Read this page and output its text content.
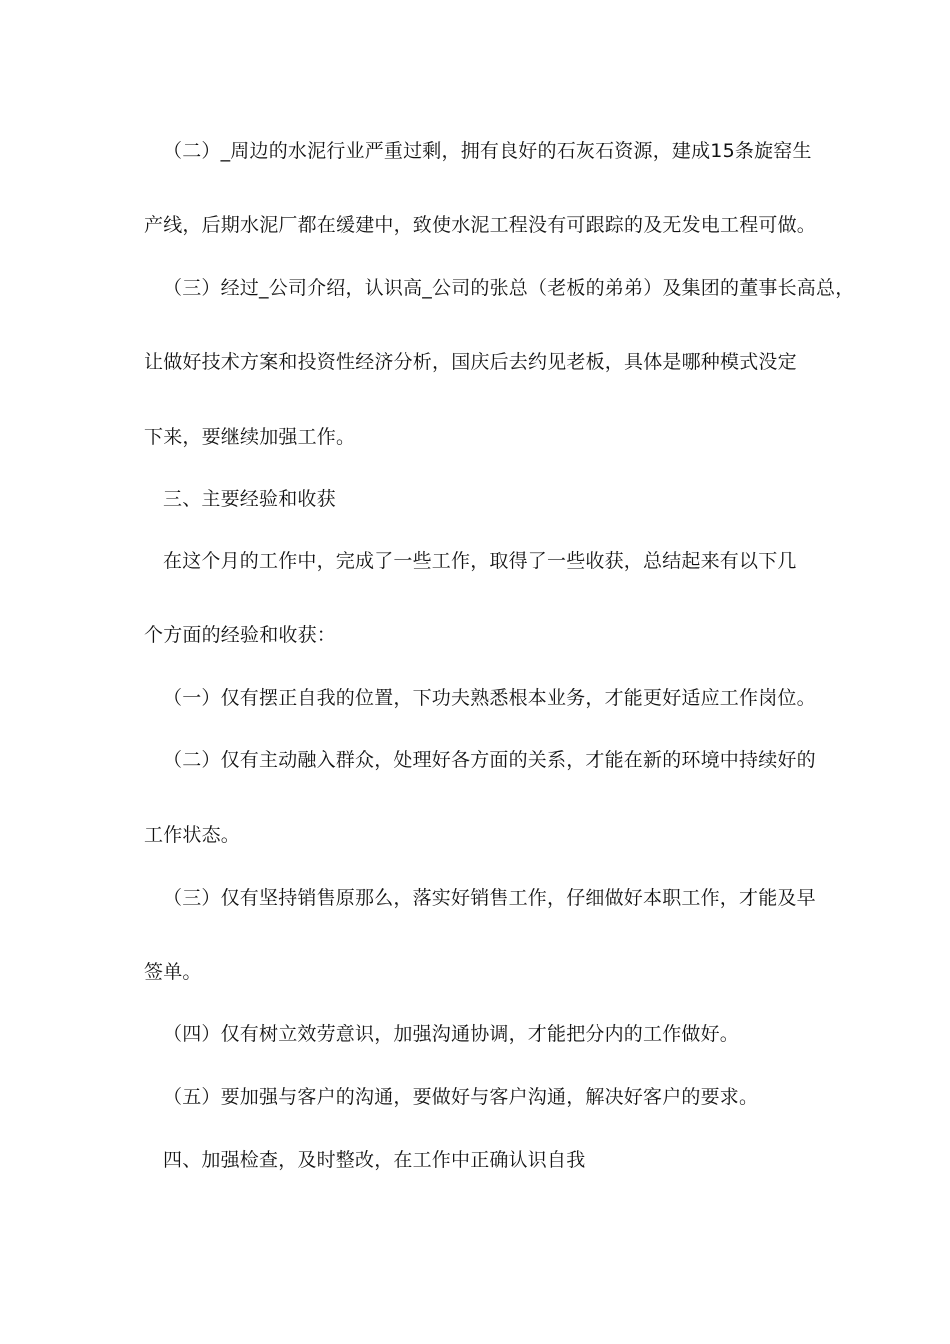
（二）_周边的水泥行业严重过剩，拥有良好的石灰石资源，建成15条旋窑生
产线，后期水泥厂都在缓建中，致使水泥工程没有可跟踪的及无发电工程可做。
（三）经过_公司介绍，认识高_公司的张总（老板的弟弟）及集团的董事长高总，
让做好技术方案和投资性经济分析，国庆后去约见老板，具体是哪种模式没定
下来，要继续加强工作。
三、主要经验和收获
在这个月的工作中，完成了一些工作，取得了一些收获，总结起来有以下几
个方面的经验和收获：
（一）仅有摆正自我的位置，下功夫熟悉根本业务，才能更好适应工作岗位。
（二）仅有主动融入群众，处理好各方面的关系，才能在新的环境中持续好的
工作状态。
（三）仅有坚持销售原那么，落实好销售工作，仔细做好本职工作，才能及早
签单。
（四）仅有树立效劳意识，加强沟通协调，才能把分内的工作做好。
（五）要加强与客户的沟通，要做好与客户沟通，解决好客户的要求。
四、加强检查，及时整改，在工作中正确认识自我
